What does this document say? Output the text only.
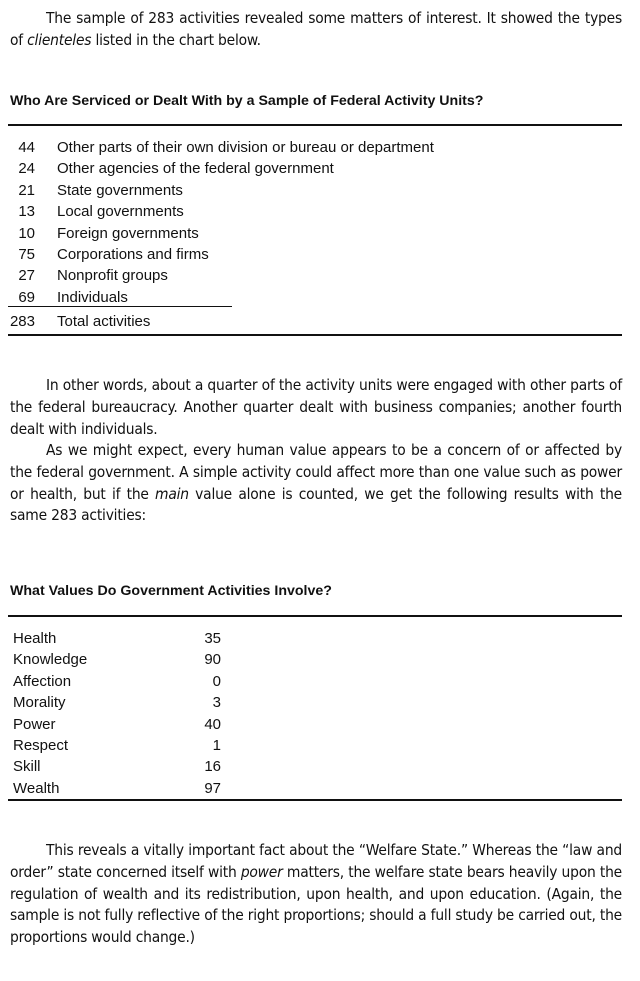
The sample of 283 activities revealed some matters of interest. It showed the types of clienteles listed in the chart below.
Who Are Serviced or Dealt With by a Sample of Federal Activity Units?
44 Other parts of their own division or bureau or department
24 Other agencies of the federal government
21 State governments
13 Local governments
10 Foreign governments
75 Corporations and firms
27 Nonprofit groups
69 Individuals
283 Total activities
In other words, about a quarter of the activity units were engaged with other parts of the federal bureaucracy. Another quarter dealt with business companies; another fourth dealt with individuals.
As we might expect, every human value appears to be a concern of or affected by the federal government. A simple activity could affect more than one value such as power or health, but if the main value alone is counted, we get the following results with the same 283 activities:
What Values Do Government Activities Involve?
Health	35
Knowledge	90
Affection	0
Morality	3
Power	40
Respect	1
Skill	16
Wealth	97
This reveals a vitally important fact about the “Welfare State.” Whereas the “law and order” state concerned itself with power matters, the welfare state bears heavily upon the regulation of wealth and its redistribution, upon health, and upon education. (Again, the sample is not fully reflective of the right proportions; should a full study be carried out, the proportions would change.)
